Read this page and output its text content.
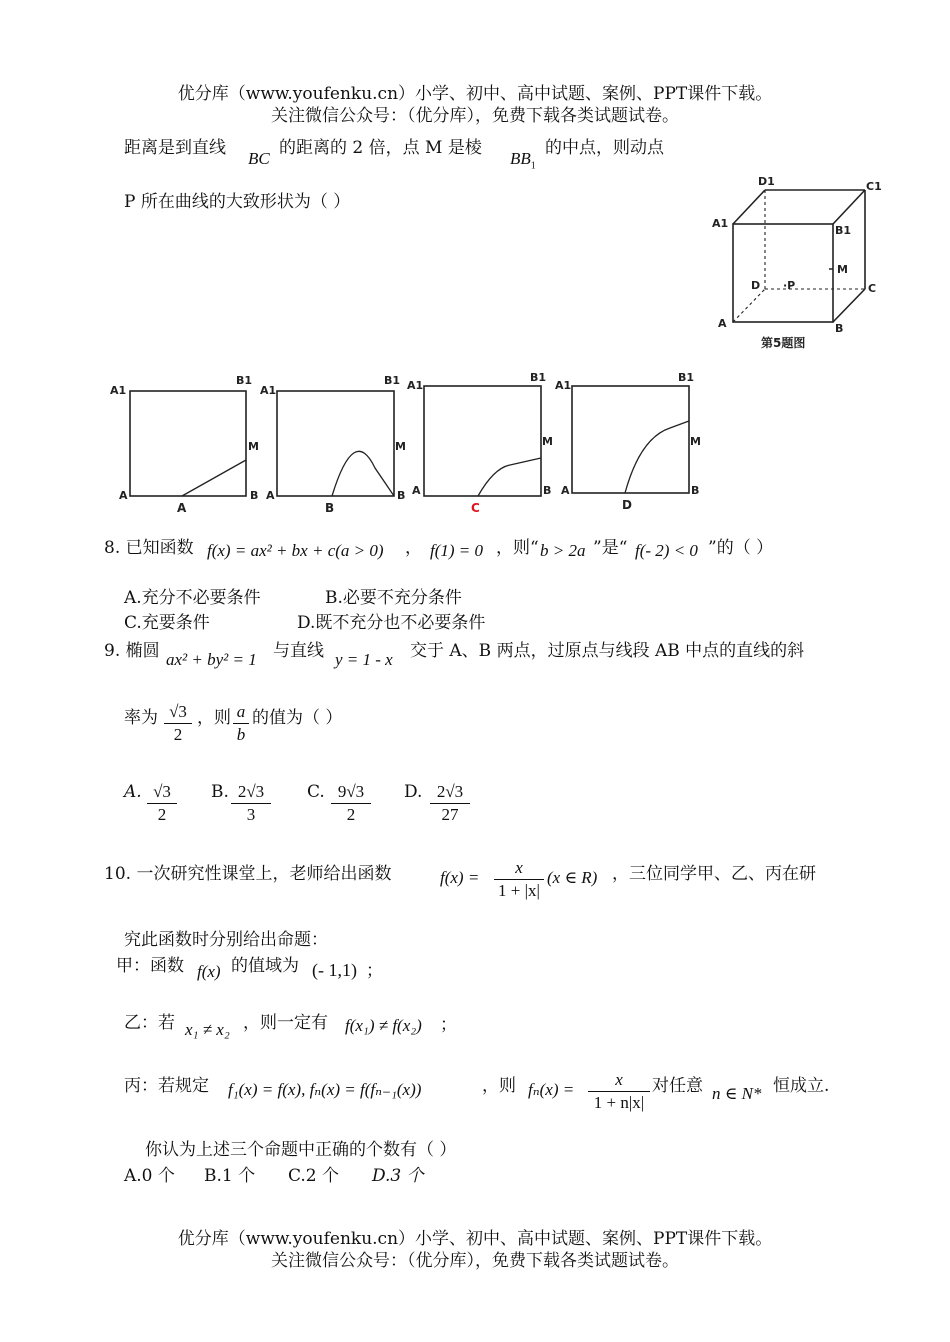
优分库（www.youfenku.cn）小学、初中、高中试题、案例、PPT课件下载。
关注微信公众号：（优分库），免费下载各类试题试卷。
距离是到直线
BC
的距离的 2 倍，点 M 是棱
$BB_1$
的中点，则动点
P 所在曲线的大致形状为（ ）
D1	C1
A1
B1
M
D ·P	C
A	B
第5题图
A1
B1
M
A	B
A
A1
B1
M
A	B
B
A1
B1
M
A	B
C
A1
B1
M
A	B
D
8. 已知函数 f(x) = ax² + bx + c(a > 0) ， f(1) = 0 ，则“ b > 2a ”是“ f(- 2) < 0 ”的（ ）
A.充分不必要条件	B.必要不充分条件
C.充要条件	D.既不充分也不必要条件
9. 椭圆 ax² + by² = 1 与直线 y = 1 - x 交于 A、B 两点，过原点与线段 AB 中点的直线的斜
率为 √3
2
，则 a
b
的值为（ ）
A. √3
2
B. 2√3
3
C. 9√3
2
D. 2√3
27
10. 一次研究性课堂上，老师给出函数	f(x) =
x
1 + |x|
(x ∈ R) ，三位同学甲、乙、丙在研
究此函数时分别给出命题：
甲：函数 f(x) 的值域为 (- 1,1) ；
乙：若 x₁ ≠ x₂ ，则一定有 f(x₁) ≠ f(x₂) ；
丙：若规定 f₁(x) = f(x), fₙ(x) = f(fₙ₋₁(x))	，则 fₙ(x) =
x
1 + n|x|
对任意 n ∈ N* 恒成立.
你认为上述三个命题中正确的个数有（ ）
A.0 个 B.1 个 C.2 个 D.3 个
优分库（www.youfenku.cn）小学、初中、高中试题、案例、PPT课件下载。
关注微信公众号：（优分库），免费下载各类试题试卷。
